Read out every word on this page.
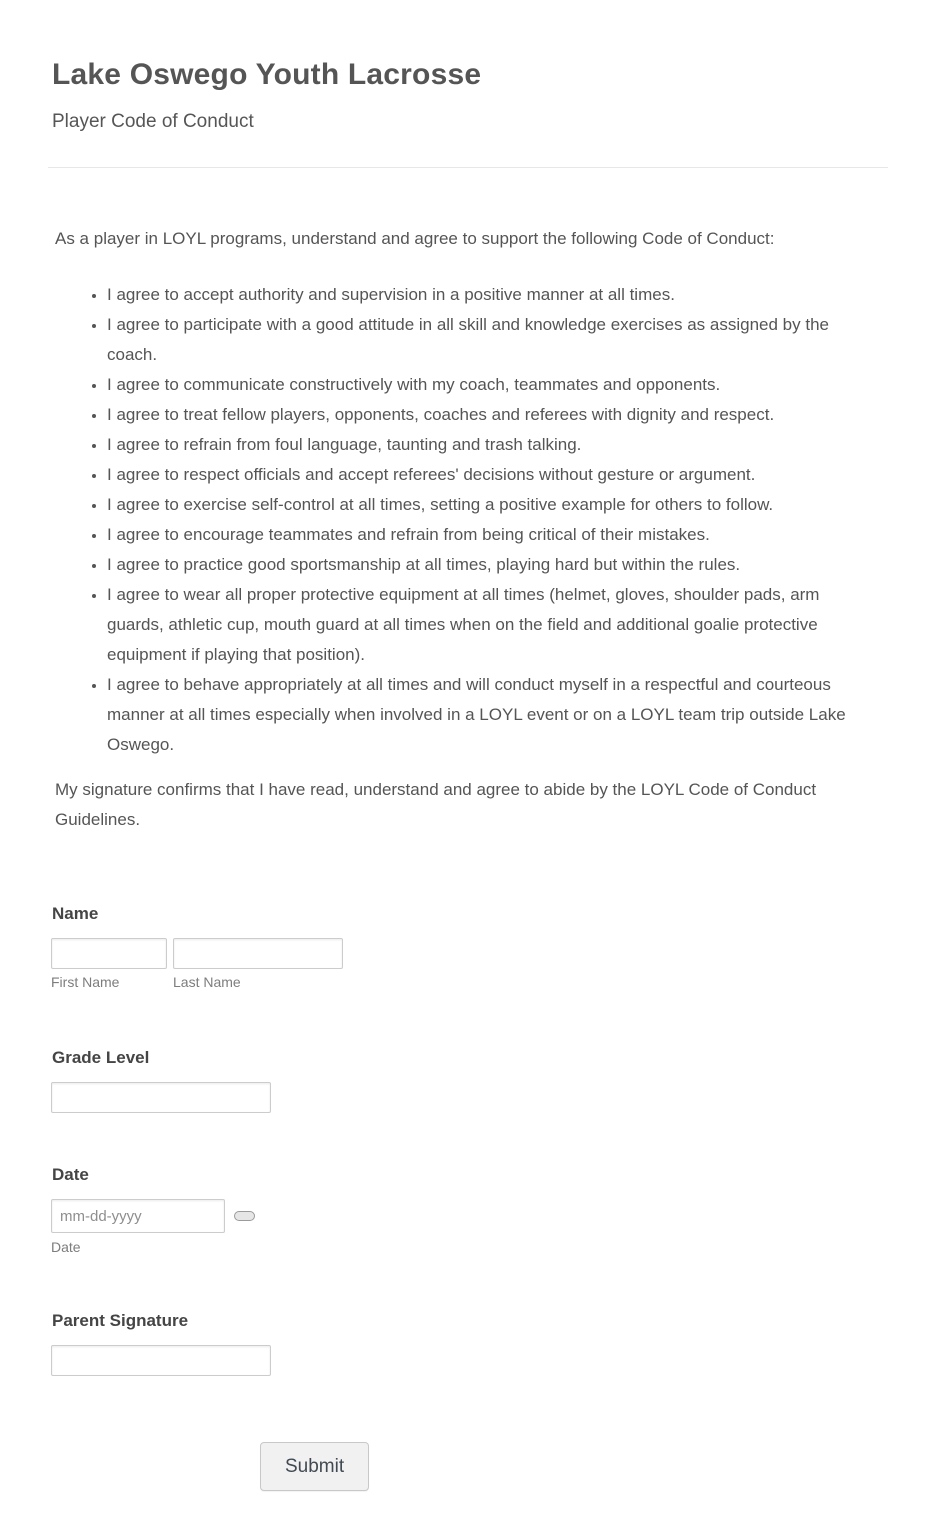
Lake Oswego Youth Lacrosse
Player Code of Conduct

As a player in LOYL programs, understand and agree to support the following Code of Conduct:

• I agree to accept authority and supervision in a positive manner at all times.
• I agree to participate with a good attitude in all skill and knowledge exercises as assigned by the coach.
• I agree to communicate constructively with my coach, teammates and opponents.
• I agree to treat fellow players, opponents, coaches and referees with dignity and respect.
• I agree to refrain from foul language, taunting and trash talking.
• I agree to respect officials and accept referees' decisions without gesture or argument.
• I agree to exercise self-control at all times, setting a positive example for others to follow.
• I agree to encourage teammates and refrain from being critical of their mistakes.
• I agree to practice good sportsmanship at all times, playing hard but within the rules.
• I agree to wear all proper protective equipment at all times (helmet, gloves, shoulder pads, arm guards, athletic cup, mouth guard at all times when on the field and additional goalie protective equipment if playing that position).
• I agree to behave appropriately at all times and will conduct myself in a respectful and courteous manner at all times especially when involved in a LOYL event or on a LOYL team trip outside Lake Oswego.

My signature confirms that I have read, understand and agree to abide by the LOYL Code of Conduct Guidelines.

Name
First Name	Last Name
Grade Level
Date
mm-dd-yyyy
Date
Parent Signature
Submit
